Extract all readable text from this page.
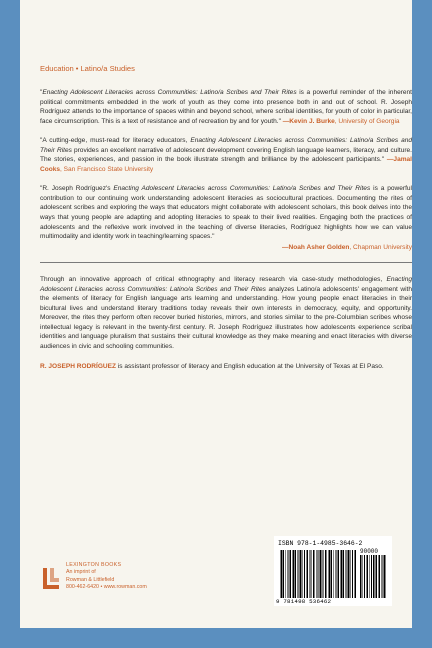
Education • Latino/a Studies

"Enacting Adolescent Literacies across Communities: Latino/a Scribes and Their Rites is a powerful reminder of the inherent political commitments embedded in the work of youth as they come into presence both in and out of school. R. Joseph Rodríguez attends to the importance of spaces within and beyond school, where scribal identities, for youth of color in particular, face circumscription. This is a text of resistance and of recreation by and for youth." —Kevin J. Burke, University of Georgia

"A cutting-edge, must-read for literacy educators, Enacting Adolescent Literacies across Communities: Latino/a Scribes and Their Rites provides an excellent narrative of adolescent development covering English language learners, literacy, and culture. The stories, experiences, and passion in the book illustrate strength and brilliance by the adolescent participants." —Jamal Cooks, San Francisco State University

"R. Joseph Rodríguez's Enacting Adolescent Literacies across Communities: Latino/a Scribes and Their Rites is a powerful contribution to our continuing work understanding adolescent literacies as sociocultural practices. Documenting the rites of adolescent scribes and exploring the ways that educators might collaborate with adolescent scholars, this book delves into the ways that young people are adapting and adopting literacies to speak to their lived realities. Engaging both the practices of adolescents and the reflexive work involved in the teaching of diverse literacies, Rodríguez highlights how we can value multimodality and identity work in teaching/learning spaces."

—Noah Asher Golden, Chapman University

Through an innovative approach of critical ethnography and literacy research via case-study methodologies, Enacting Adolescent Literacies across Communities: Latino/a Scribes and Their Rites analyzes Latino/a adolescents' engagement with the elements of literacy for English language arts learning and understanding. How young people enact literacies in their bicultural lives and understand literary traditions today reveals their own interests in democracy, equity, and opportunity. Moreover, the rites they perform often recover buried histories, mirrors, and stories similar to the pre-Columbian scribes whose intellectual legacy is relevant in the twenty-first century. R. Joseph Rodríguez illustrates how adolescents experience scribal identities and language pluralism that sustains their cultural knowledge as they make meaning and enact literacies with diverse audiences in civic and schooling communities.

R. JOSEPH RODRÍGUEZ is assistant professor of literacy and English education at the University of Texas at El Paso.

LEXINGTON BOOKS
An imprint of
Rowman & Littlefield
800-462-6420 • www.rowman.com
ISBN 978-1-4985-3646-2
90000
9 781498 536462
